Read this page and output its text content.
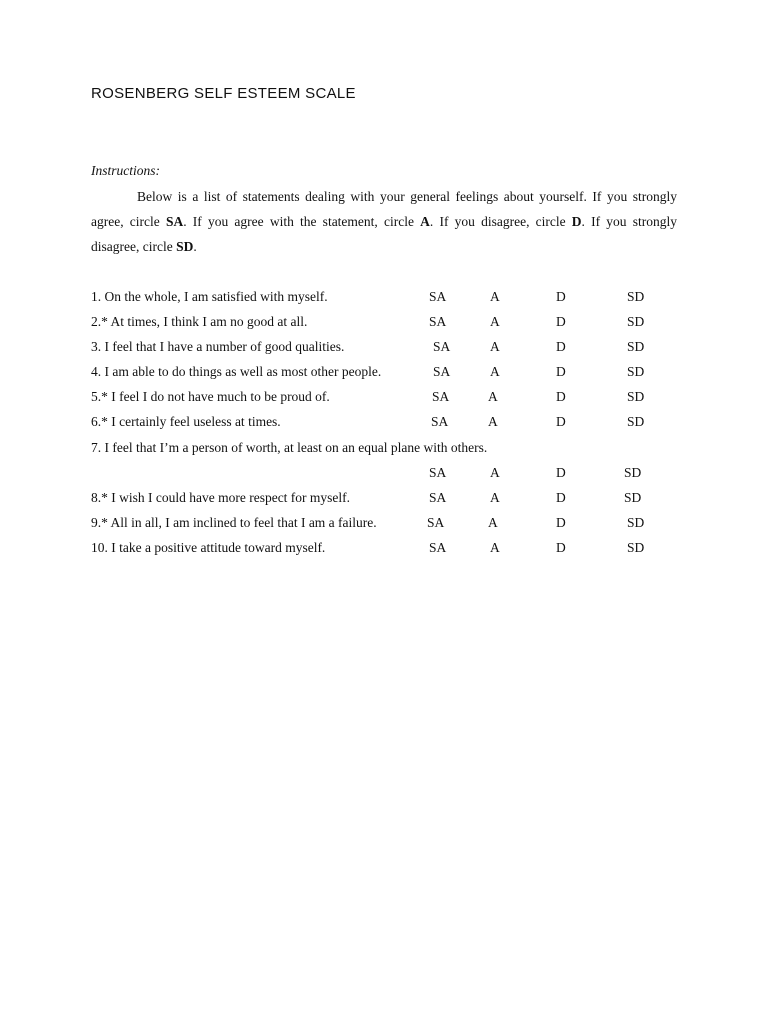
ROSENBERG SELF ESTEEM SCALE
Instructions:

Below is a list of statements dealing with your general feelings about yourself. If you strongly agree, circle SA. If you agree with the statement, circle A. If you disagree, circle D. If you strongly disagree, circle SD.

1. On the whole, I am satisfied with myself.	SA	A	D	SD
2.* At times, I think I am no good at all.	SA	A	D	SD
3. I feel that I have a number of good qualities.	SA	A	D	SD
4. I am able to do things as well as most other people.	SA	A	D	SD
5.* I feel I do not have much to be proud of.	SA	A	D	SD
6.* I certainly feel useless at times.	SA	A	D	SD
7. I feel that I’m a person of worth, at least on an equal plane with others.
SA	A	D	SD
8.* I wish I could have more respect for myself.	SA	A	D	SD
9.* All in all, I am inclined to feel that I am a failure.	SA	A	D	SD
10. I take a positive attitude toward myself.	SA	A	D	SD
